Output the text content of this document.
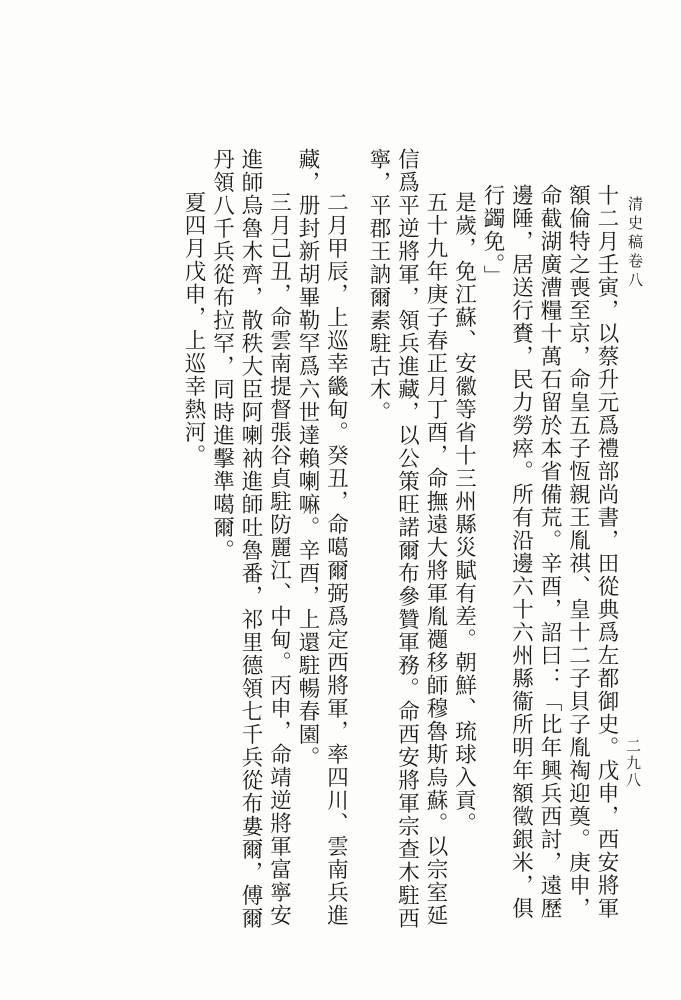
清史稿卷八
二九八

十二月壬寅，以蔡升元爲禮部尚書，田從典爲左都御史。戊申，西安將軍額倫特之喪至京，命皇五子恆親王胤祺、皇十二子貝子胤祹迎奠。庚申，命截湖廣漕糧十萬石留於本省備荒。辛酉，詔曰：「比年興兵西討，遠歷邊陲，居送行賚，民力勞瘁。所有沿邊六十六州縣衞所明年額徵銀米，俱行蠲免。」

是歲，免江蘇、安徽等省十三州縣災賦有差。朝鮮、琉球入貢。

五十九年庚子春正月丁酉，命撫遠大將軍胤禵移師穆魯斯烏蘇。以宗室延信爲平逆將軍，領兵進藏，以公策旺諾爾布參贊軍務。命西安將軍宗查木駐西寧，平郡王訥爾素駐古木。

二月甲辰，上巡幸畿甸。癸丑，命噶爾弼爲定西將軍，率四川、雲南兵進藏，册封新胡畢勒罕爲六世達賴喇嘛。辛酉，上還駐暢春園。

三月己丑，命雲南提督張谷貞駐防麗江、中甸。丙申，命靖逆將軍富寧安進師烏魯木齊，散秩大臣阿喇衲進師吐魯番，祁里德領七千兵從布婁爾，傅爾丹領八千兵從布拉罕，同時進擊準噶爾。

夏四月戊申，上巡幸熱河。
